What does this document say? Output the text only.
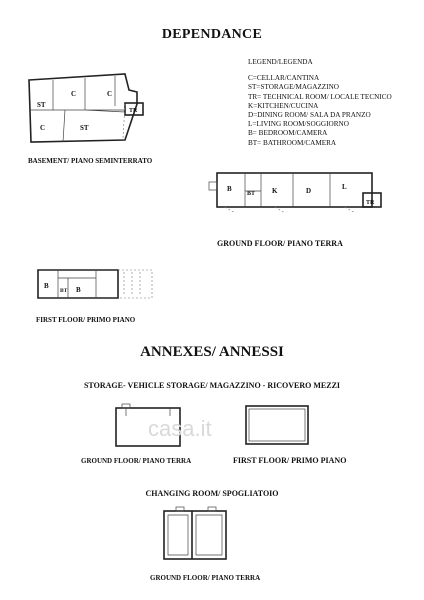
DEPENDANCE
ST
C	C
C	ST
TR
BASEMENT/ PIANO SEMINTERRATO
LEGEND/LEGENDA
C=CELLAR/CANTINA
ST=STORAGE/MAGAZZINO
TR= TECHNICAL ROOM/ LOCALE TECNICO
K=KITCHEN/CUCINA
D=DINING ROOM/ SALA DA PRANZO
L=LIVING ROOM/SOGGIORNO
B= BEDROOM/CAMERA
BT= BATHROOM/CAMERA
B
BT K	D	L
TR
GROUND FLOOR/ PIANO TERRA
B
BT B
FIRST FLOOR/ PRIMO PIANO
ANNEXES/ ANNESSI
STORAGE- VEHICLE STORAGE/ MAGAZZINO - RICOVERO MEZZI
casa.it
GROUND FLOOR/ PIANO TERRA	FIRST FLOOR/ PRIMO PIANO
CHANGING ROOM/ SPOGLIATOIO
GROUND FLOOR/ PIANO TERRA
